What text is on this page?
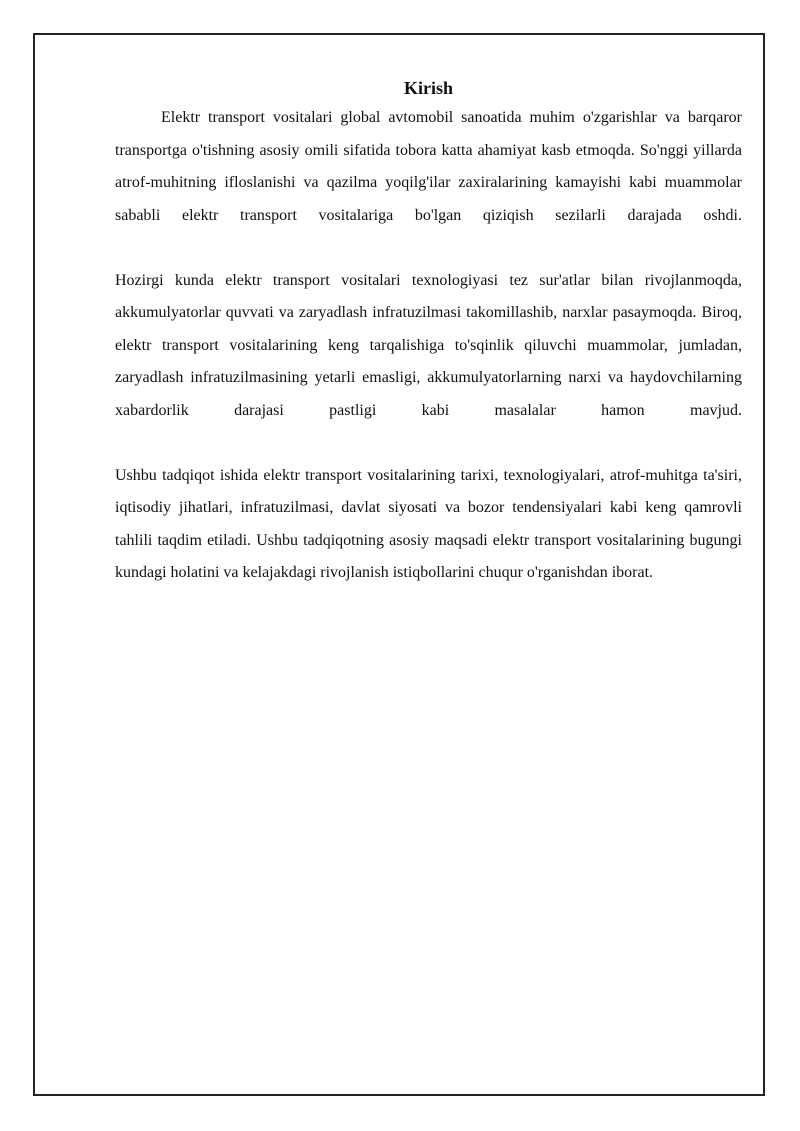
Kirish

Elektr transport vositalari global avtomobil sanoatida muhim o'zgarishlar va barqaror transportga o'tishning asosiy omili sifatida tobora katta ahamiyat kasb etmoqda. So'nggi yillarda atrof-muhitning ifloslanishi va qazilma yoqilg'ilar zaxiralarining kamayishi kabi muammolar sababli elektr transport vositalariga bo'lgan qiziqish sezilarli darajada oshdi.

Hozirgi kunda elektr transport vositalari texnologiyasi tez sur'atlar bilan rivojlanmoqda, akkumulyatorlar quvvati va zaryadlash infratuzilmasi takomillashib, narxlar pasaymoqda. Biroq, elektr transport vositalarining keng tarqalishiga to'sqinlik qiluvchi muammolar, jumladan, zaryadlash infratuzilmasining yetarli emasligi, akkumulyatorlarning narxi va haydovchilarning xabardorlik darajasi pastligi kabi masalalar hamon mavjud.

Ushbu tadqiqot ishida elektr transport vositalarining tarixi, texnologiyalari, atrof-muhitga ta'siri, iqtisodiy jihatlari, infratuzilmasi, davlat siyosati va bozor tendensiyalari kabi keng qamrovli tahlili taqdim etiladi. Ushbu tadqiqotning asosiy maqsadi elektr transport vositalarining bugungi kundagi holatini va kelajakdagi rivojlanish istiqbollarini chuqur o'rganishdan iborat.
